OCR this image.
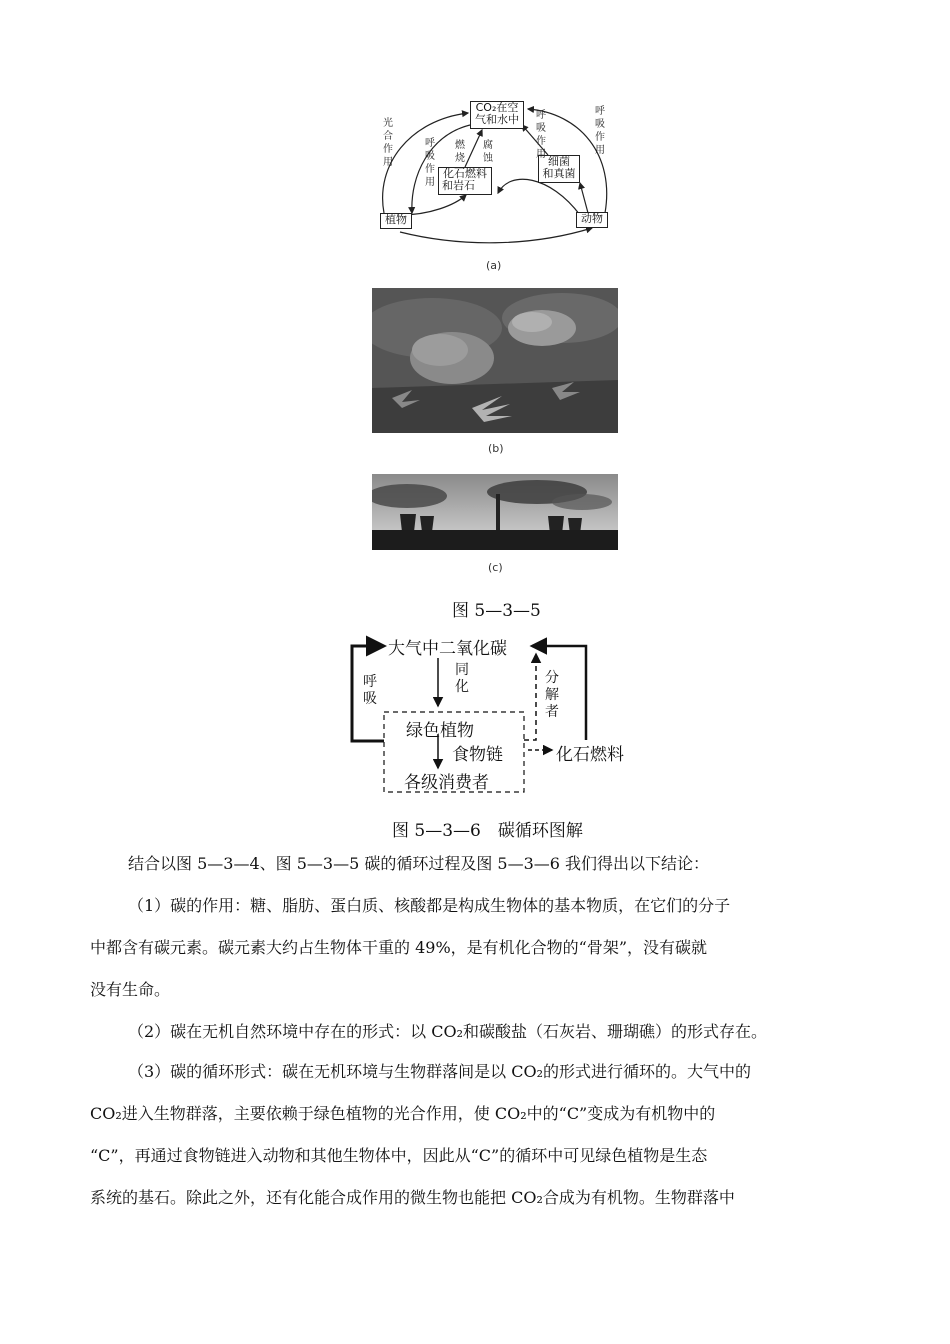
CO₂在空
气和水中
化石燃料
和岩石
细菌
和真菌
植物	动物
光
合
作
用
呼
吸
作
用
燃
烧
腐
蚀
呼
吸
作
用
呼
吸
作
用
(a)
(b)
(c)
图 5—3—5
大气中二氧化碳
同
化
呼
吸
分
解
者
绿色植物
食物链
各级消费者
化石燃料
图 5—3—6　碳循环图解
结合以图 5—3—4、图 5—3—5 碳的循环过程及图 5—3—6 我们得出以下结论：
（1）碳的作用：糖、脂肪、蛋白质、核酸都是构成生物体的基本物质，在它们的分子
中都含有碳元素。碳元素大约占生物体干重的 49%，是有机化合物的“骨架”，没有碳就
没有生命。
（2）碳在无机自然环境中存在的形式：以 CO₂和碳酸盐（石灰岩、珊瑚礁）的形式存在。
（3）碳的循环形式：碳在无机环境与生物群落间是以 CO₂的形式进行循环的。大气中的
CO₂进入生物群落，主要依赖于绿色植物的光合作用，使 CO₂中的“C”变成为有机物中的
“C”，再通过食物链进入动物和其他生物体中，因此从“C”的循环中可见绿色植物是生态
系统的基石。除此之外，还有化能合成作用的微生物也能把 CO₂合成为有机物。生物群落中
